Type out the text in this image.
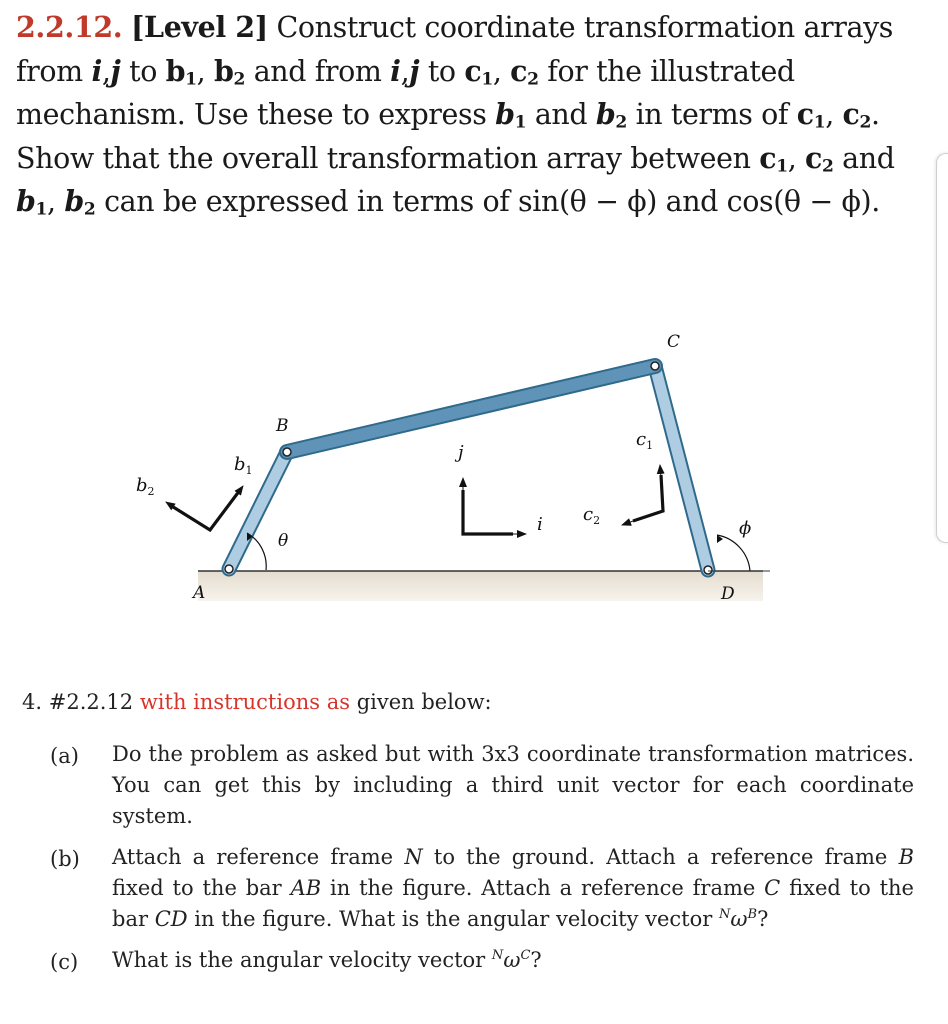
2.2.12. [Level 2] Construct coordinate transformation arrays from i,j to $b_1$, $b_2$ and from i,j to $c_1$, $c_2$ for the illustrated mechanism. Use these to express $b_1$ and $b_2$ in terms of $c_1$, $c_2$. Show that the overall transformation array between $c_1$, $c_2$ and $b_1$, $b_2$ can be expressed in terms of sin(θ − ϕ) and cos(θ − ϕ).
A
B
C
D
$b_1$
$b_2$
j
i
$c_1$
$c_2$
θ
ϕ
4. #2.2.12 with instructions as given below:
(a)	Do the problem as asked but with 3x3 coordinate transformation matrices. You can get this by including a third unit vector for each coordinate system.
(b)	Attach a reference frame N to the ground. Attach a reference frame B fixed to the bar AB in the figure. Attach a reference frame C fixed to the bar CD in the figure. What is the angular velocity vector $^N\omega^B$?
(c)	What is the angular velocity vector $^N\omega^C$?
